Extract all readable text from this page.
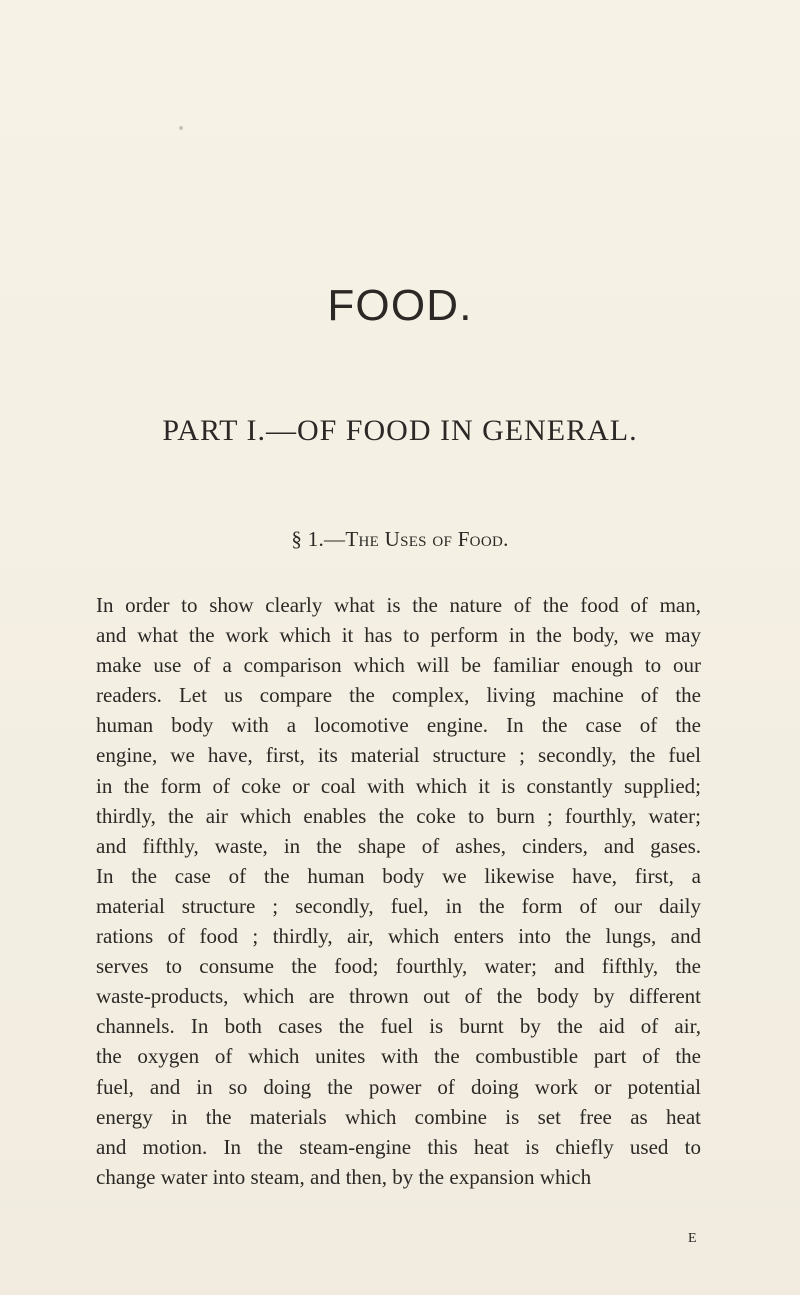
FOOD.
PART I.—OF FOOD IN GENERAL.
§ 1.—The Uses of Food.
In order to show clearly what is the nature of the food of man,
and what the work which it has to perform in the body, we may
make use of a comparison which will be familiar enough to our
readers. Let us compare the complex, living machine of the
human body with a locomotive engine. In the case of the
engine, we have, first, its material structure ; secondly, the fuel
in the form of coke or coal with which it is constantly supplied;
thirdly, the air which enables the coke to burn ; fourthly, water;
and fifthly, waste, in the shape of ashes, cinders, and gases.
In the case of the human body we likewise have, first, a
material structure ; secondly, fuel, in the form of our daily
rations of food ; thirdly, air, which enters into the lungs, and
serves to consume the food; fourthly, water; and fifthly, the
waste-products, which are thrown out of the body by different
channels. In both cases the fuel is burnt by the aid of air,
the oxygen of which unites with the combustible part of the
fuel, and in so doing the power of doing work or potential
energy in the materials which combine is set free as heat
and motion. In the steam-engine this heat is chiefly used to
change water into steam, and then, by the expansion which
E
